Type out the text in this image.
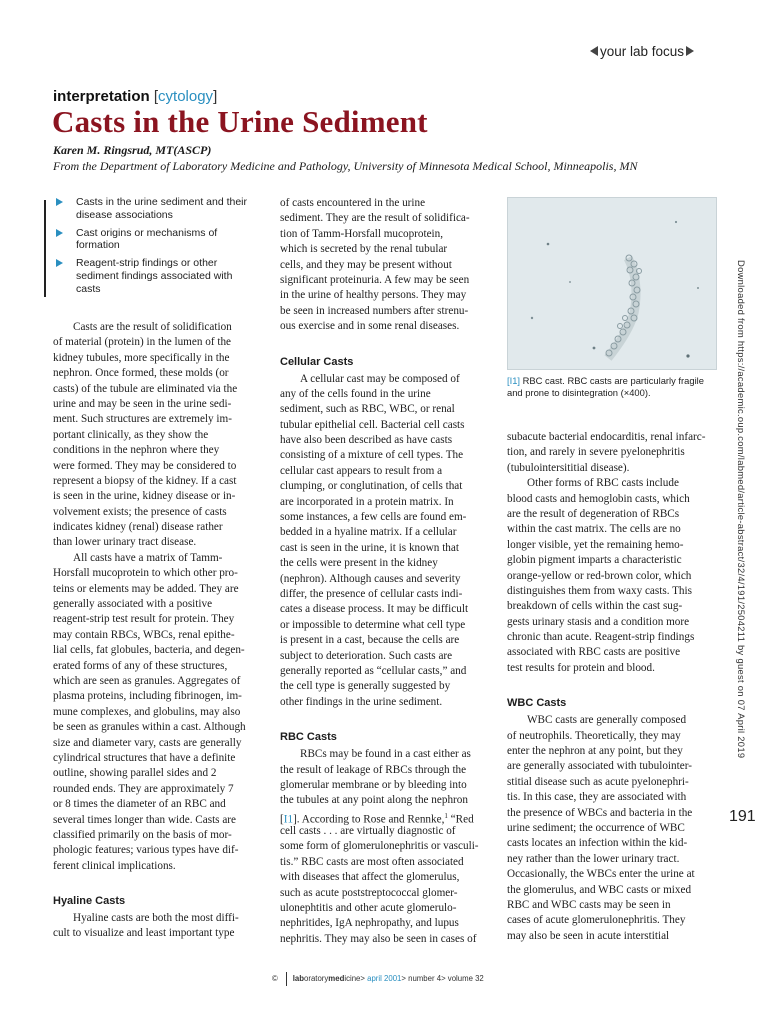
your lab focus
interpretation [cytology]
Casts in the Urine Sediment
Karen M. Ringsrud, MT(ASCP)
From the Department of Laboratory Medicine and Pathology, University of Minnesota Medical School, Minneapolis, MN
Casts in the urine sediment and their disease associations
Cast origins or mechanisms of formation
Reagent-strip findings or other sediment findings associated with casts
Casts are the result of solidification
of material (protein) in the lumen of the
kidney tubules, more specifically in the
nephron. Once formed, these molds (or
casts) of the tubule are eliminated via the
urine and may be seen in the urine sedi-
ment. Such structures are extremely im-
portant clinically, as they show the
conditions in the nephron where they
were formed. They may be considered to
represent a biopsy of the kidney. If a cast
is seen in the urine, kidney disease or in-
volvement exists; the presence of casts
indicates kidney (renal) disease rather
than lower urinary tract disease.
All casts have a matrix of Tamm-
Horsfall mucoprotein to which other pro-
teins or elements may be added. They are
generally associated with a positive
reagent-strip test result for protein. They
may contain RBCs, WBCs, renal epithe-
lial cells, fat globules, bacteria, and degen-
erated forms of any of these structures,
which are seen as granules. Aggregates of
plasma proteins, including fibrinogen, im-
mune complexes, and globulins, may also
be seen as granules within a cast. Although
size and diameter vary, casts are generally
cylindrical structures that have a definite
outline, showing parallel sides and 2
rounded ends. They are approximately 7
or 8 times the diameter of an RBC and
several times longer than wide. Casts are
classified primarily on the basis of mor-
phologic features; various types have dif-
ferent clinical implications.
Hyaline Casts
Hyaline casts are both the most diffi-
cult to visualize and least important type
of casts encountered in the urine
sediment. They are the result of solidifica-
tion of Tamm-Horsfall mucoprotein,
which is secreted by the renal tubular
cells, and they may be present without
significant proteinuria. A few may be seen
in the urine of healthy persons. They may
be seen in increased numbers after strenu-
ous exercise and in some renal diseases.
Cellular Casts
A cellular cast may be composed of
any of the cells found in the urine
sediment, such as RBC, WBC, or renal
tubular epithelial cell. Bacterial cell casts
have also been described as have casts
consisting of a mixture of cell types. The
cellular cast appears to result from a
clumping, or conglutination, of cells that
are incorporated in a protein matrix. In
some instances, a few cells are found em-
bedded in a hyaline matrix. If a cellular
cast is seen in the urine, it is known that
the cells were present in the kidney
(nephron). Although causes and severity
differ, the presence of cellular casts indi-
cates a disease process. It may be difficult
or impossible to determine what cell type
is present in a cast, because the cells are
subject to deterioration. Such casts are
generally reported as “cellular casts,” and
the cell type is generally suggested by
other findings in the urine sediment.
RBC Casts
RBCs may be found in a cast either as
the result of leakage of RBCs through the
glomerular membrane or by bleeding into
the tubules at any point along the nephron
[I1]. According to Rose and Rennke,$^1$ “Red
cell casts . . . are virtually diagnostic of
some form of glomerulonephritis or vasculi-
tis.” RBC casts are most often associated
with diseases that affect the glomerulus,
such as acute poststreptococcal glomer-
ulonephtitis and other acute glomerulo-
nephritides, IgA nephropathy, and lupus
nephritis. They may also be seen in cases of
[I1] RBC cast. RBC casts are particularly fragile and prone to disintegration (×400).
subacute bacterial endocarditis, renal infarc-
tion, and rarely in severe pyelonephritis
(tubulointersititial disease).
Other forms of RBC casts include
blood casts and hemoglobin casts, which
are the result of degeneration of RBCs
within the cast matrix. The cells are no
longer visible, yet the remaining hemo-
globin pigment imparts a characteristic
orange-yellow or red-brown color, which
distinguishes them from waxy casts. This
breakdown of cells within the cast sug-
gests urinary stasis and a condition more
chronic than acute. Reagent-strip findings
associated with RBC casts are positive
test results for protein and blood.
WBC Casts
WBC casts are generally composed
of neutrophils. Theoretically, they may
enter the nephron at any point, but they
are generally associated with tubulointer-
stitial disease such as acute pyelonephri-
tis. In this case, they are associated with
the presence of WBCs and bacteria in the
urine sediment; the occurrence of WBC
casts locates an infection within the kid-
ney rather than the lower urinary tract.
Occasionally, the WBCs enter the urine at
the glomerulus, and WBC casts or mixed
RBC and WBC casts may be seen in
cases of acute glomerulonephritis. They
may also be seen in acute interstitial
Downloaded from https://academic.oup.com/labmed/article-abstract/32/4/191/2504211 by guest on 07 April 2019
191
© laboratorymedicine> april 2001> number 4> volume 32
